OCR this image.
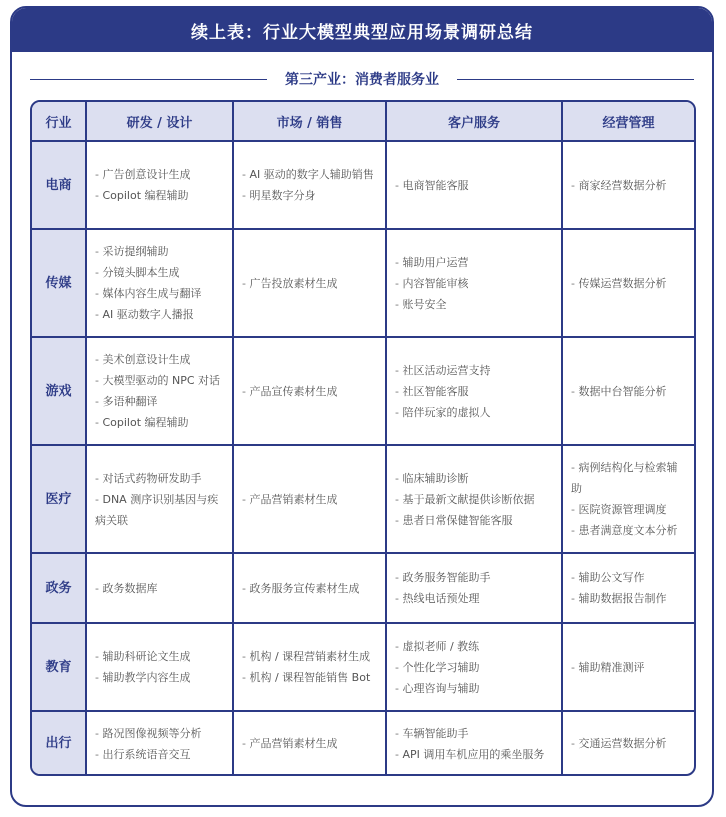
续上表：行业大模型典型应用场景调研总结
第三产业：消费者服务业
行业	研发 / 设计	市场 / 销售	客户服务	经营管理
电商	- 广告创意设计生成
- Copilot 编程辅助	- AI 驱动的数字人辅助销售
- 明星数字分身	- 电商智能客服	- 商家经营数据分析

传媒	- 采访提纲辅助
- 分镜头脚本生成
- 媒体内容生成与翻译
- AI 驱动数字人播报	- 广告投放素材生成	- 辅助用户运营
- 内容智能审核
- 账号安全	- 传媒运营数据分析

游戏	- 美术创意设计生成
- 大模型驱动的 NPC 对话
- 多语种翻译
- Copilot 编程辅助	- 产品宣传素材生成	- 社区活动运营支持
- 社区智能客服
- 陪伴玩家的虚拟人	- 数据中台智能分析

医疗	- 对话式药物研发助手
- DNA 测序识别基因与疾病关联	- 产品营销素材生成	- 临床辅助诊断
- 基于最新文献提供诊断依据
- 患者日常保健智能客服	- 病例结构化与检索辅助
- 医院资源管理调度
- 患者满意度文本分析

政务	- 政务数据库	- 政务服务宣传素材生成	- 政务服务智能助手
- 热线电话预处理	- 辅助公文写作
- 辅助数据报告制作

教育	- 辅助科研论文生成
- 辅助教学内容生成	- 机构 / 课程营销素材生成
- 机构 / 课程智能销售 Bot	- 虚拟老师 / 教练
- 个性化学习辅助
- 心理咨询与辅助	- 辅助精准测评

出行	- 路况图像视频等分析
- 出行系统语音交互	- 产品营销素材生成	- 车辆智能助手
- API 调用车机应用的乘坐服务	- 交通运营数据分析
